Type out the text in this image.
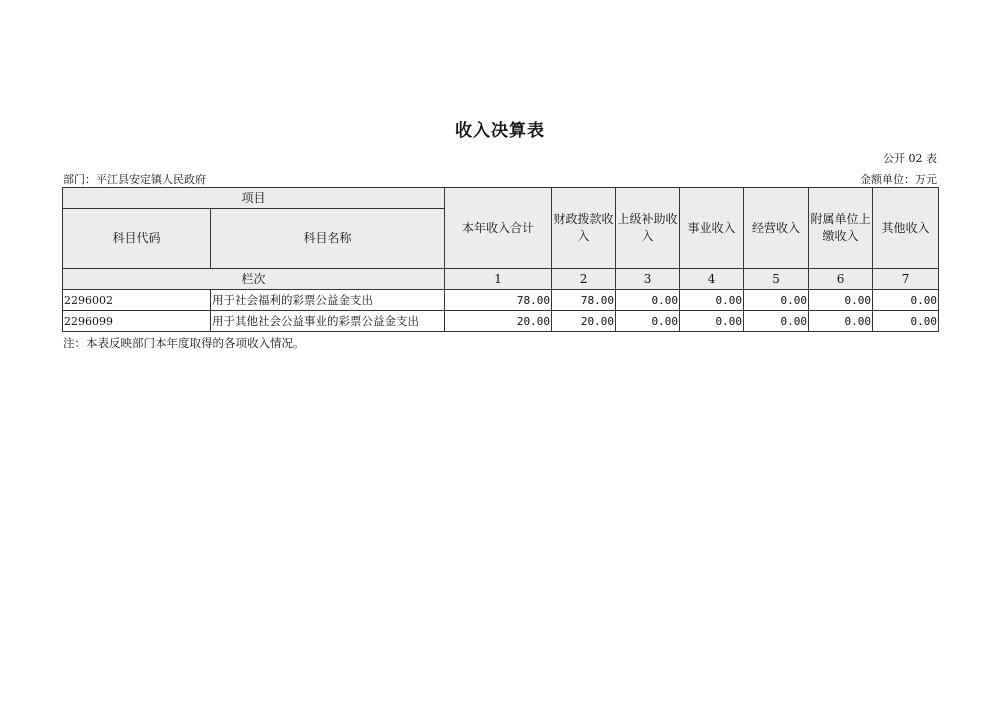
收入决算表
公开 02 表
部门：平江县安定镇人民政府	金额单位：万元
项目		本年收入合计	财政拨款收入	上级补助收入	事业收入	经营收入	附属单位上缴收入	其他收入
科目代码	科目名称							
栏次		1	2	3	4	5	6	7
2296002	用于社会福利的彩票公益金支出	78.00	78.00	0.00	0.00	0.00	0.00	0.00
2296099	用于其他社会公益事业的彩票公益金支出	20.00	20.00	0.00	0.00	0.00	0.00	0.00
注：本表反映部门本年度取得的各项收入情况。
